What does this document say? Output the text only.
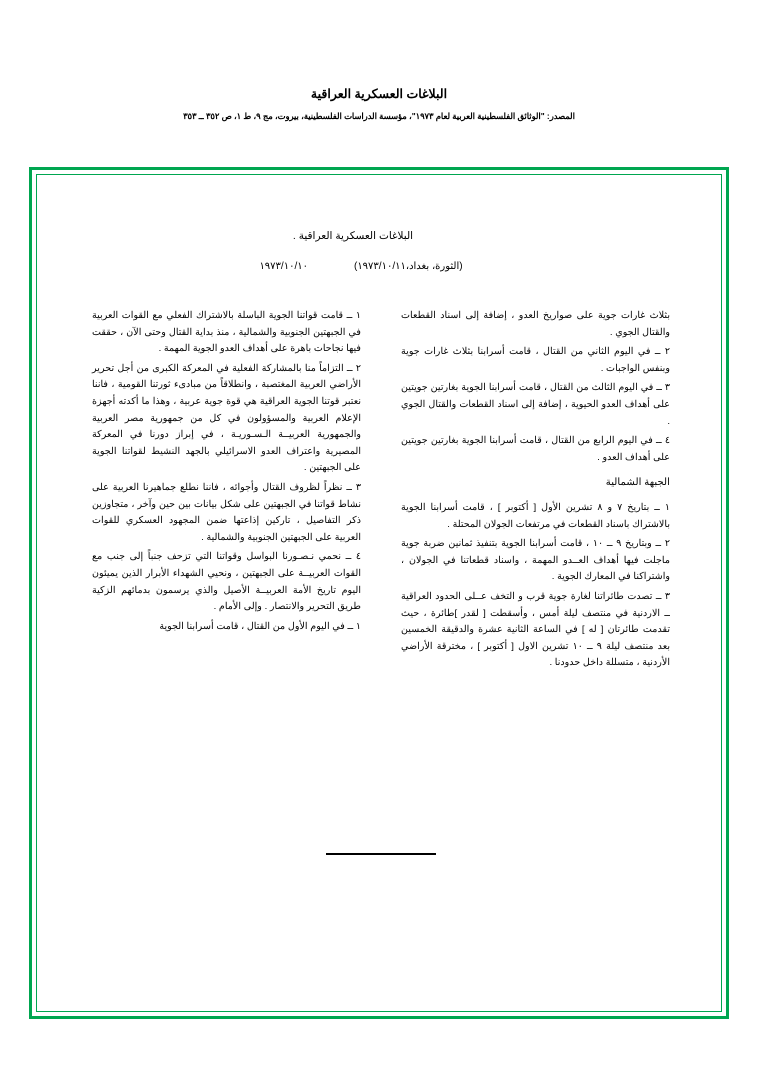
البلاغات العسكرية العراقية
المصدر: "الوثائق الفلسطينية العربية لعام ١٩٧٣"، مؤسسة الدراسات الفلسطينية، بيروت، مج ٩، ط ١، ص ٣٥٢ ــ ٣٥٣
البلاغات العسكرية العراقية .
١٩٧٣/١٠/١٠	(الثورة، بغداد،١٩٧٣/١٠/١١)

١ ــ قامت قواتنا الجوية الباسلة بالاشتراك الفعلي مع القوات العربية في الجبهتين الجنوبية والشمالية ، منذ بداية القتال وحتى الآن ، حققت فيها نجاحات باهرة على أهداف العدو الجوية المهمة .

٢ ــ التزاماً منا بالمشاركة الفعلية في المعركة الكبرى من أجل تحرير الأراضي العربية المغتصبة ، وانطلاقاً من مبادىء ثورتنا القومية ، فاننا نعتبر قوتنا الجوية العراقية هي قوة جوية عربية ، وهذا ما أكدته أجهزة الإعلام العربية والمسؤولون في كل من جمهورية مصر العربية والجمهورية العربيــة الـسـوريـة ، في إبراز دورنا في المعركة المصيرية واعتراف العدو الاسرائيلي بالجهد النشيط لقواتنا الجوية على الجبهتين .

٣ ــ نظراً لظروف القتال وأجوائه ، فاننا نطلع جماهيرنا العربية على نشاط قواتنا في الجبهتين على شكل بيانات بين حين وآخر ، متجاوزين ذكر التفاصيل ، تاركين إذاعتها ضمن المجهود العسكري للقوات العربية على الجبهتين الجنوبية والشمالية .

٤ ــ نحمي نـصـورنا البواسل وقواتنا التي تزحف جنباً إلى جنب مع القوات العربيــة على الجبهتين ، ونحيي الشهداء الأبرار الذين يميئون اليوم تاريخ الأمة العربيــة الأصيل والذي يرسمون بدمائهم الزكية طريق التحرير والانتصار . وإلى الأمام .

١ ــ في اليوم الأول من القتال ، قامت أسرابنا الجوية

بثلاث غارات جوية على صواريخ العدو ، إضافة إلى اسناد القطعات والقتال الجوي .

٢ ــ في اليوم الثاني من القتال ، قامت أسرابنا بثلاث غارات جوية وبنفس الواجبات .

٣ ــ في اليوم الثالث من القتال ، قامت أسرابنا الجوية بغارتين جويتين على أهداف العدو الحيوية ، إضافة إلى اسناد القطعات والقتال الجوي .

٤ ــ في اليوم الرابع من القتال ، قامت أسرابنا الجوية بغارتين جويتين على أهداف العدو .

الجبهة الشمالية

١ ــ بتاريخ ٧ و ٨ تشرين الأول [ أكتوبر ] ، قامت أسرابنا الجوية بالاشتراك باسناد القطعات في مرتفعات الجولان المحتلة .

٢ ــ وبتاريخ ٩ ــ ١٠ ، قامت أسرابنا الجوية بتنفيذ ثمانين ضربة جوية ماجلت فيها أهداف العــدو المهمة ، واسناد قطعاتنا في الجولان ، واشتراكنا في المعارك الجوية .

٣ ــ تصدت طائراتنا لغارة جوية قرب و التخف عــلى الحدود العراقية ــ الاردنية في منتصف ليلة أمس ، وأسقطت [ لقدر ]طائرة ، حيث تقدمت طائرتان [ له ] في الساعة الثانية عشرة والدقيقة الخمسين بعد منتصف ليلة ٩ ــ ١٠ تشرين الاول [ أكتوبر ] ، مخترقة الأراضي الأردنية ، متسللة داخل حدودنا .
